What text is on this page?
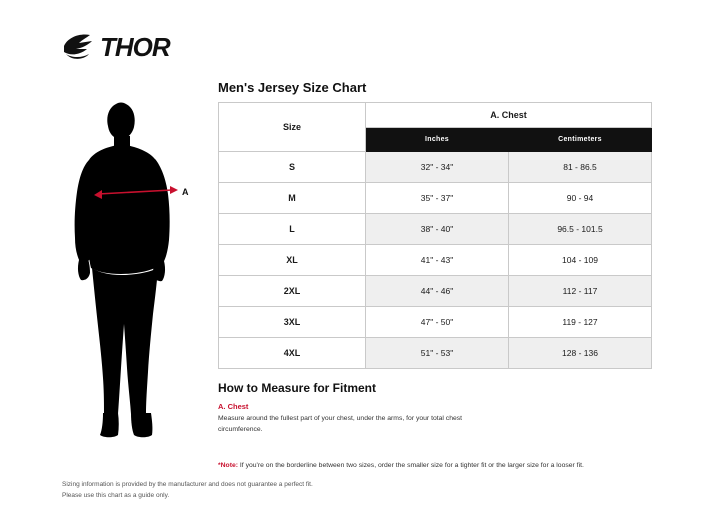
THOR
A
Men's Jersey Size Chart
Size	A. Chest	
	Inches	Centimeters
S	32" - 34"	81 - 86.5
M	35" - 37"	90 - 94
L	38" - 40"	96.5 - 101.5
XL	41" - 43"	104 - 109
2XL	44" - 46"	112 - 117
3XL	47" - 50"	119 - 127
4XL	51" - 53"	128 - 136
How to Measure for Fitment
A. Chest
Measure around the fullest part of your chest, under the arms, for your total chest circumference.
*Note: If you're on the borderline between two sizes, order the smaller size for a tighter fit or the larger size for a looser fit.
Sizing information is provided by the manufacturer and does not guarantee a perfect fit.
Please use this chart as a guide only.
